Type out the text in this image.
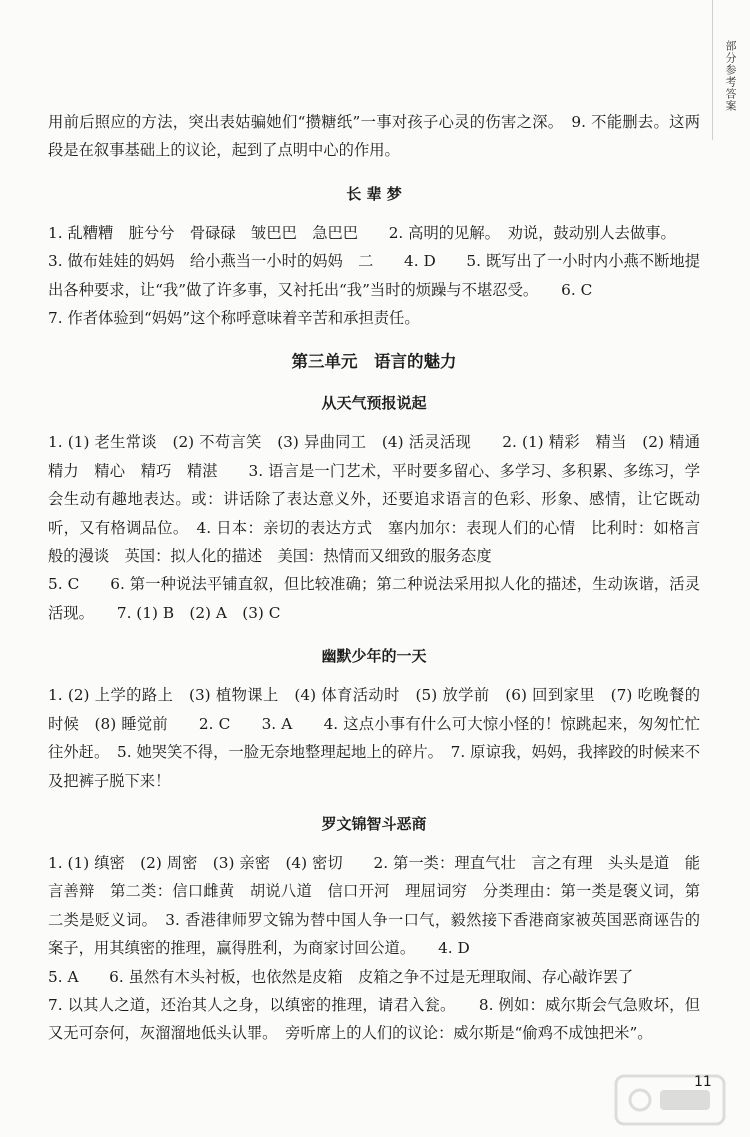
部分参考答案

用前后照应的方法，突出表姑骗她们“攒糖纸”一事对孩子心灵的伤害之深。　9. 不能删去。这两段是在叙事基础上的议论，起到了点明中心的作用。

长 辈 梦

1. 乱糟糟　脏兮兮　骨碌碌　皱巴巴　急巴巴　　2. 高明的见解。　劝说，鼓动别人去做事。

3. 做布娃娃的妈妈　给小燕当一小时的妈妈　二　　4. D　　5. 既写出了一小时内小燕不断地提出各种要求，让“我”做了许多事，又衬托出“我”当时的烦躁与不堪忍受。　　6. C

7. 作者体验到“妈妈”这个称呼意味着辛苦和承担责任。

第三单元　语言的魅力
从天气预报说起

1. (1) 老生常谈　(2) 不苟言笑　(3) 异曲同工　(4) 活灵活现　　2. (1) 精彩　精当　(2) 精通　精力　精心　精巧　精湛　　3. 语言是一门艺术，平时要多留心、多学习、多积累、多练习，学会生动有趣地表达。或：讲话除了表达意义外，还要追求语言的色彩、形象、感情，让它既动听，又有格调品位。　4. 日本：亲切的表达方式　塞内加尔：表现人们的心情　比利时：如格言般的漫谈　英国：拟人化的描述　美国：热情而又细致的服务态度

5. C　　6. 第一种说法平铺直叙，但比较准确；第二种说法采用拟人化的描述，生动诙谐，活灵活现。　　7. (1) B　(2) A　(3) C

幽默少年的一天

1. (2) 上学的路上　(3) 植物课上　(4) 体育活动时　(5) 放学前　(6) 回到家里　(7) 吃晚餐的时候　(8) 睡觉前　　2. C　　3. A　　4. 这点小事有什么可大惊小怪的！惊跳起来，匆匆忙忙往外赶。　5. 她哭笑不得，一脸无奈地整理起地上的碎片。　7. 原谅我，妈妈，我摔跤的时候来不及把裤子脱下来！

罗文锦智斗恶商

1. (1) 缜密　(2) 周密　(3) 亲密　(4) 密切　　2. 第一类：理直气壮　言之有理　头头是道　能言善辩　第二类：信口雌黄　胡说八道　信口开河　理屈词穷　分类理由：第一类是褒义词，第二类是贬义词。　3. 香港律师罗文锦为替中国人争一口气，毅然接下香港商家被英国恶商诬告的案子，用其缜密的推理，赢得胜利，为商家讨回公道。　　4. D

5. A　　6. 虽然有木头衬板，也依然是皮箱　皮箱之争不过是无理取闹、存心敲诈罢了

7. 以其人之道，还治其人之身，以缜密的推理，请君入瓮。　　8. 例如：威尔斯会气急败坏，但又无可奈何，灰溜溜地低头认罪。　旁听席上的人们的议论：威尔斯是“偷鸡不成蚀把米”。

11
